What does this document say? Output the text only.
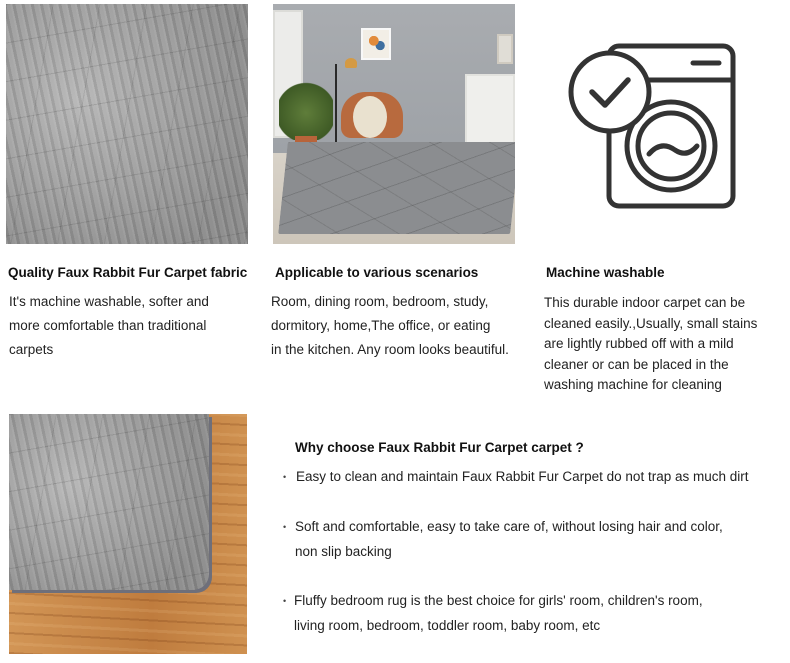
Quality Faux Rabbit Fur Carpet fabric Applicable to various scenarios	Machine washable
It's machine washable, softer and
more comfortable than traditional
carpets
Room, dining room, bedroom, study,
dormitory, home,The office, or eating
in the kitchen. Any room looks beautiful.
This durable indoor carpet can be
cleaned easily.,Usually, small stains
are lightly rubbed off with a mild
cleaner or can be placed in the
washing machine for cleaning
Why choose Faux Rabbit Fur Carpet carpet ?
• Easy to clean and maintain Faux Rabbit Fur Carpet do not trap as much dirt
• Soft and comfortable, easy to take care of, without losing hair and color,
non slip backing
• Fluffy bedroom rug is the best choice for girls' room, children's room,
living room, bedroom, toddler room, baby room, etc
